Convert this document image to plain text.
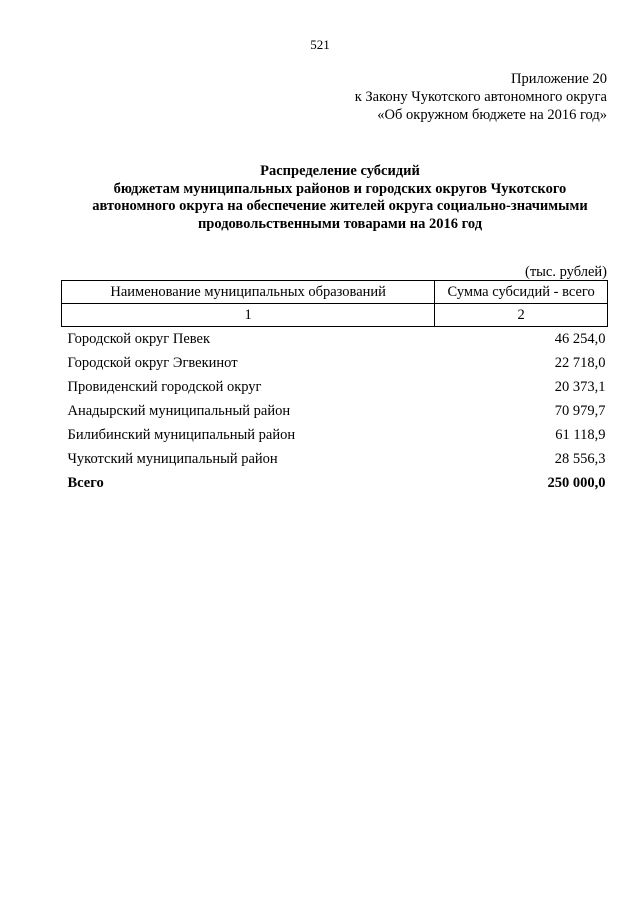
521
Приложение 20
к Закону Чукотского автономного округа
«Об окружном бюджете на 2016 год»
Распределение субсидий
бюджетам муниципальных районов и городских округов Чукотского
автономного округа на обеспечение жителей округа социально-значимыми
продовольственными товарами на 2016 год
(тыс. рублей)
Наименование муниципальных образований	Сумма субсидий - всего
1	2
Городской округ Певек	46 254,0
Городской округ Эгвекинот	22 718,0
Провиденский городской округ	20 373,1
Анадырский муниципальный район	70 979,7
Билибинский муниципальный район	61 118,9
Чукотский муниципальный район	28 556,3
Всего	250 000,0
